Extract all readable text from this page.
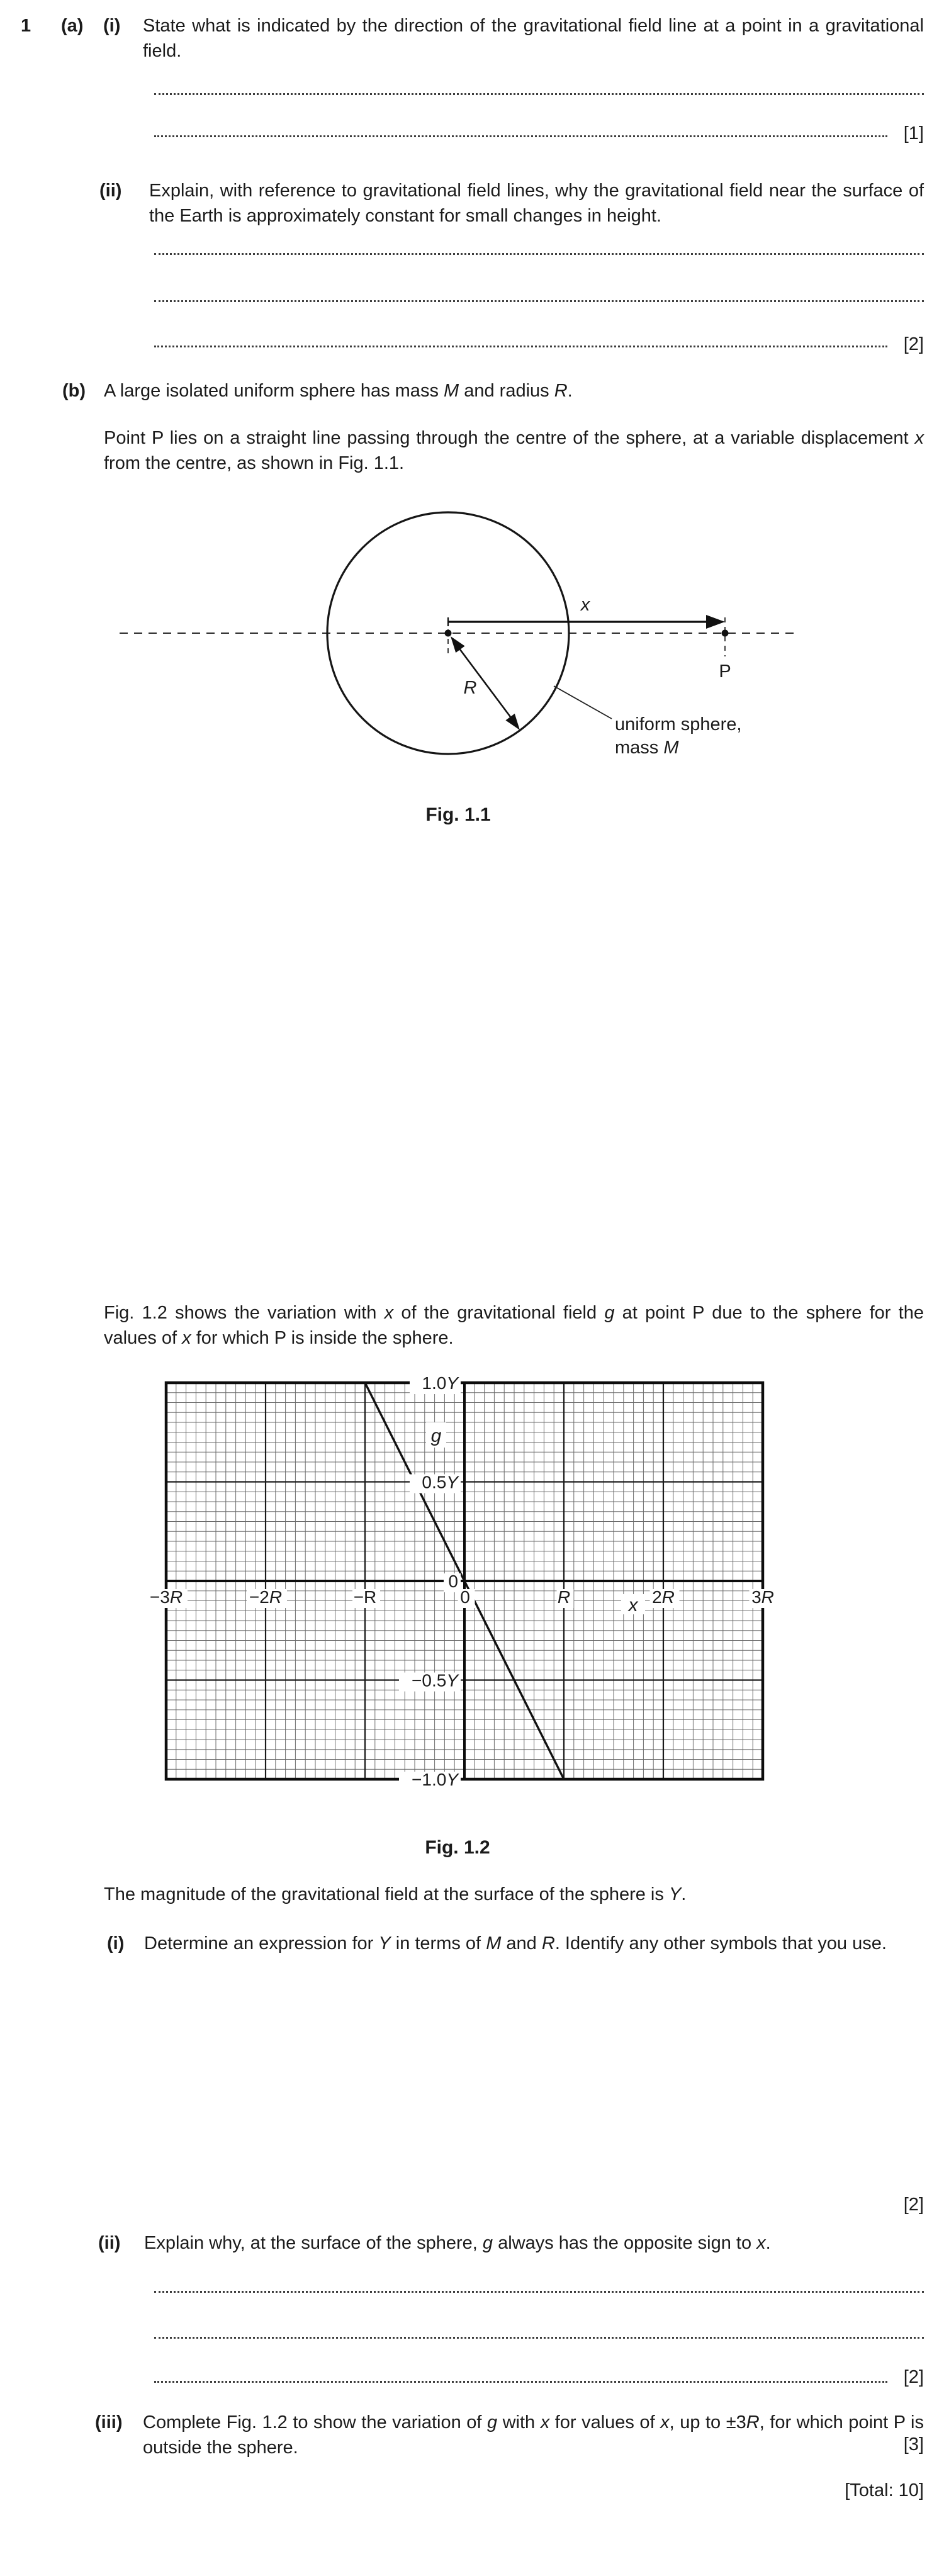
1 (a) (i) State what is indicated by the direction of the gravitational field line at a point in a gravitational field.
[1]
(ii) Explain, with reference to gravitational field lines, why the gravitational field near the surface of the Earth is approximately constant for small changes in height.
[2]
(b) A large isolated uniform sphere has mass M and radius R.
Point P lies on a straight line passing through the centre of the sphere, at a variable displacement x from the centre, as shown in Fig. 1.1.
x
P
R
uniform sphere,
mass M
Fig. 1.1
Fig. 1.2 shows the variation with x of the gravitational field g at point P due to the sphere for the values of x for which P is inside the sphere.
1.0Y
0.5Y
0
−0.5Y
−1.0Y
−3R	−2R	−R	0	R	2R	3R
g
x
Fig. 1.2
The magnitude of the gravitational field at the surface of the sphere is Y.
(i) Determine an expression for Y in terms of M and R. Identify any other symbols that you use.
[2]
(ii) Explain why, at the surface of the sphere, g always has the opposite sign to x.
[2]
(iii) Complete Fig. 1.2 to show the variation of g with x for values of x, up to ±3R, for which point P is outside the sphere.	[3]
[Total: 10]
